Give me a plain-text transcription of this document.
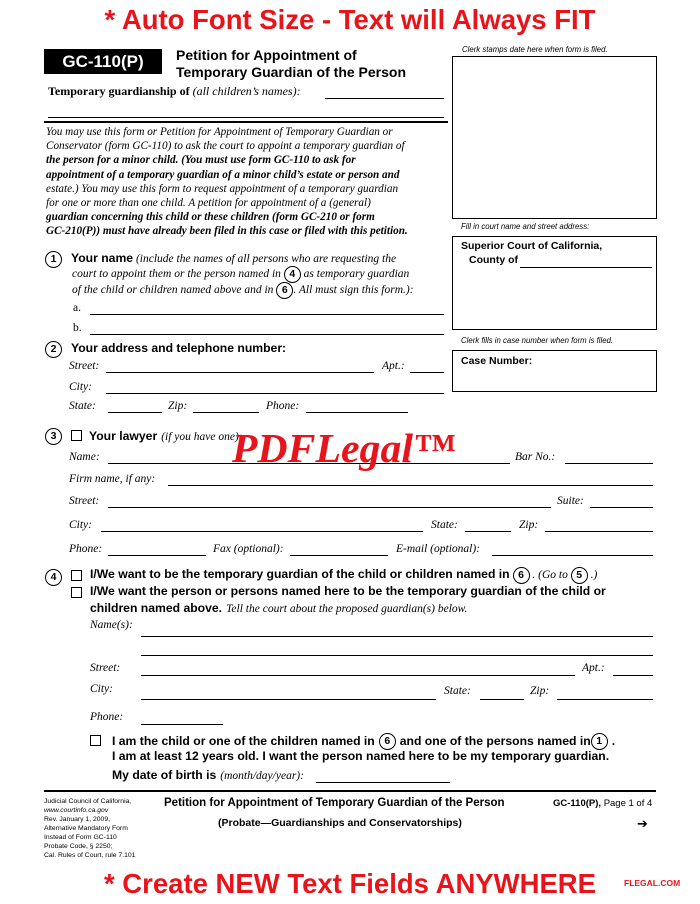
* Auto Font Size - Text will Always FIT
GC-110(P)	Petition for Appointment of
Temporary Guardian of the Person
Temporary guardianship of (all children’s names):
Clerk stamps date here when form is filed.
Fill in court name and street address:
Superior Court of California,
County of
Clerk fills in case number when form is filed.
Case Number:
You may use this form or Petition for Appointment of Temporary Guardian or
Conservator (form GC-110) to ask the court to appoint a temporary guardian of
the person for a minor child. (You must use form GC-110 to ask for
appointment of a temporary guardian of a minor child’s estate or person and
estate.) You may use this form to request appointment of a temporary guardian
for one or more than one child. A petition for appointment of a (general)
guardian concerning this child or these children (form GC-210 or form
GC-210(P)) must have already been filed in this case or filed with this petition.
1	Your name (include the names of all persons who are requesting the
court to appoint them or the person named in 4 as temporary guardian
of the child or children named above and in 6 . All must sign this form.):
a.
b.
2	Your address and telephone number:
Street:	Apt.:
City:
State:	Zip:	Phone:
3	Your lawyer (if you have one):
Name:	Bar No.:
Firm name, if any:
Street:	Suite:
City:	State:	Zip:
Phone:	Fax (optional):	E-mail (optional):
4	I/We want to be the temporary guardian of the child or children named in 6 . (Go to 5 .)
I/We want the person or persons named here to be the temporary guardian of the child or
children named above. Tell the court about the proposed guardian(s) below.
Name(s):
Street:	Apt.:
City:	State:	Zip:
Phone:
I am the child or one of the children named in 6 and one of the persons named in 1 .
I am at least 12 years old. I want the person named here to be my temporary guardian.
My date of birth is (month/day/year):
PDFLegal™
Judicial Council of California,
www.courtinfo.ca.gov
Rev. January 1, 2009,
Alternative Mandatory Form
Instead of Form GC-110
Probate Code, § 2250;
Cal. Rules of Court, rule 7.101
Petition for Appointment of Temporary Guardian of the Person
(Probate—Guardianships and Conservatorships)
GC-110(P), Page 1 of 4
➔
* Create NEW Text Fields ANYWHERE	FLEGAL.COM
